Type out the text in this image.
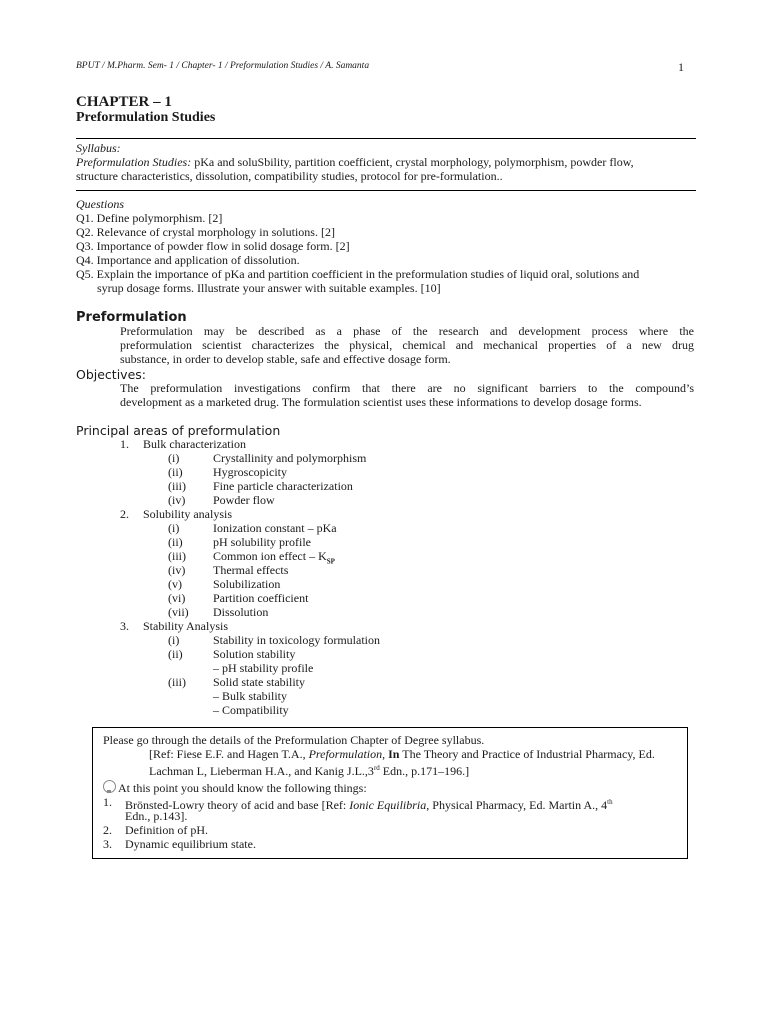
BPUT / M.Pharm. Sem- 1 / Chapter- 1 / Preformulation Studies / A. Samanta	1
CHAPTER – 1
Preformulation Studies
Syllabus:
Preformulation Studies: pKa and soluSbility, partition coefficient, crystal morphology, polymorphism, powder flow,
structure characteristics, dissolution, compatibility studies, protocol for pre-formulation..
Questions
Q1. Define polymorphism. [2]
Q2. Relevance of crystal morphology in solutions. [2]
Q3. Importance of powder flow in solid dosage form. [2]
Q4. Importance and application of dissolution.
Q5. Explain the importance of pKa and partition coefficient in the preformulation studies of liquid oral, solutions and
syrup dosage forms. Illustrate your answer with suitable examples. [10]
Preformulation
Preformulation may be described as a phase of the research and development process where the
preformulation scientist characterizes the physical, chemical and mechanical properties of a new drug
substance, in order to develop stable, safe and effective dosage form.
Objectives:
The preformulation investigations confirm that there are no significant barriers to the compound’s
development as a marketed drug. The formulation scientist uses these informations to develop dosage forms.
Principal areas of preformulation
1. Bulk characterization
(i)	Crystallinity and polymorphism
(ii)	Hygroscopicity
(iii) Fine particle characterization
(iv) Powder flow
2. Solubility analysis
(i)	Ionization constant – pKa
(ii)	pH solubility profile
(iii) Common ion effect – $K_{SP}$
(iv) Thermal effects
(v)	Solubilization
(vi) Partition coefficient
(vii) Dissolution
3. Stability Analysis
(i)	Stability in toxicology formulation
(ii)	Solution stability
– pH stability profile
(iii) Solid state stability
– Bulk stability
– Compatibility
Please go through the details of the Preformulation Chapter of Degree syllabus.
[Ref: Fiese E.F. and Hagen T.A., Preformulation, In The Theory and Practice of Industrial Pharmacy, Ed.
Lachman L, Lieberman H.A., and Kanig J.L.,3rd Edn., p.171–196.]
At this point you should know the following things:
1. Brönsted-Lowry theory of acid and base [Ref: Ionic Equilibria, Physical Pharmacy, Ed. Martin A., 4th
Edn., p.143].
2. Definition of pH.
3. Dynamic equilibrium state.
